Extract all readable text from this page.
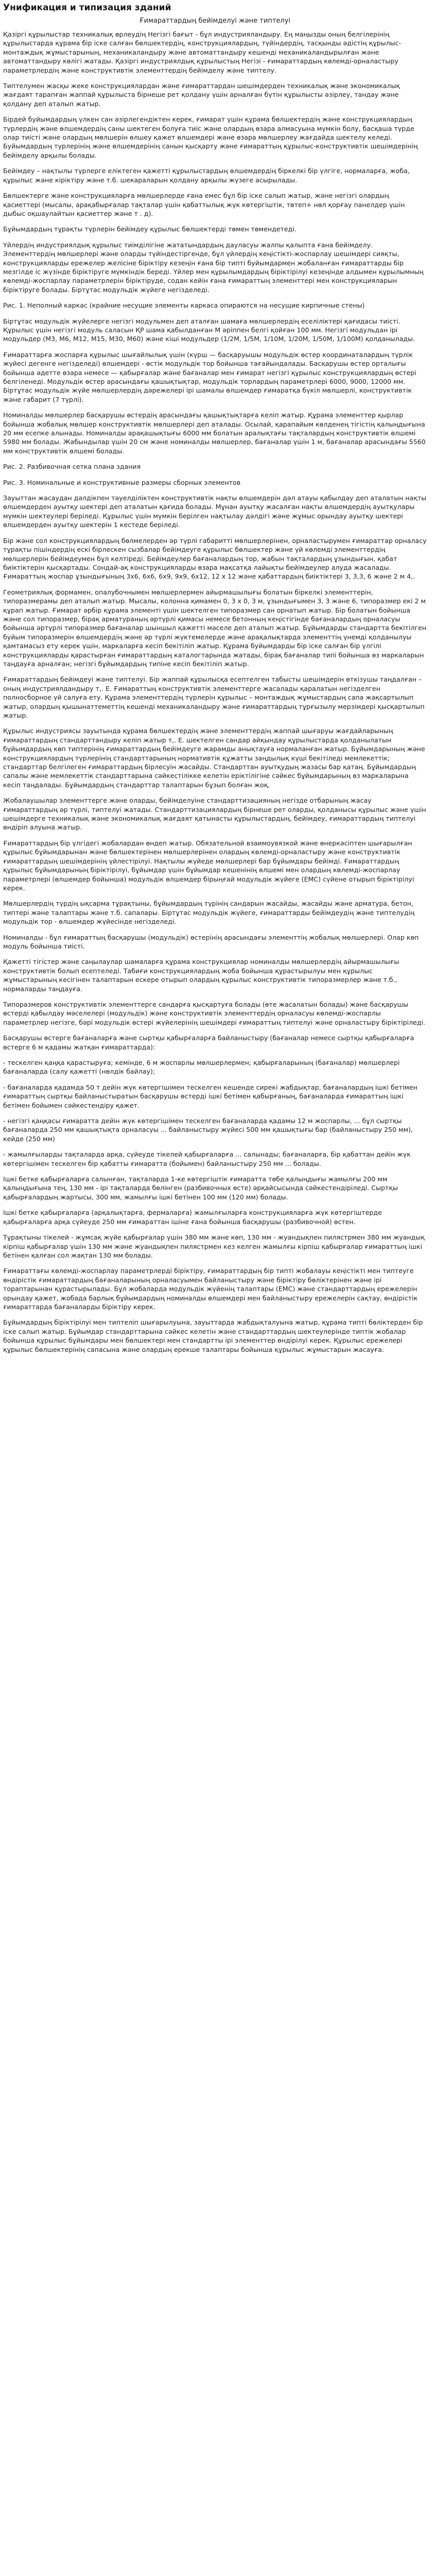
Унификация и типизация зданий
Ғимараттардың бейімделуі және типтелуі

Қазіргі құрылыстар техникалық өрлеудің Негізгі бағыт - бұл индустрияландыру. Ең маңызды оның белгілерінің құрылыстарда құрама бір іске салған бөлшектердің, конструкциялардың, түйіндердің, тасқынды әдістің құрылыс-монтаждық жұмыстарының, механикаландыру және автоматтандыру кешенді механикаландырылған және автоматтандыру көлігі жатады. Қазіргі индустриялдық құрылыстың Негізі - ғимараттардың көлемді-орналастыру параметрлердің және конструктивтік элементтердің бейімделу және типтелу.

Типтелумен жасқы жеке конструкциялардан және ғимараттардан шешімдерден техникалық және экономикалық жағдаят тарапған жаппай құрылыста бірнеше рет қолдану үшін арналған бүтін құрылысты әзірлеу, тандау және қолдану деп аталып жатыр.

Бірдей буйымдардың үлкен сан әзірлегендіктен керек, ғимарат үшін құрама бөлшектердің және конструкциялардың түрлердің және өлшемдердің саны шектеген болуға тиіс және олардың өзара алмасуына мүмкін болу, басқаша түрде олар тиісті және олардың мөлшерін өлшеу қажет өлшемдері және өзара мөлшерлеу жағдайда шектелу келеді. Буйымдардың түрлерінің және өлшемдерінің санын қысқарту және ғимараттың құрылыс-конструктивтік шешімдерінің бейімделу арқылы болады.

Бейімдеу – нақтылы түрлерге еліктеген қажетті құрылыстардың өлшемдердің біркелкі бір үлгіге, нормаларға, жоба, құрылыс және кіріктіру және т.б. шекараларын қолдану арқылы жүзеге асырылады.

Бөлшектерге және конструкцияларға мөлшерлерде ғана емес бұл бір іске салып жатыр, және негізгі олардың қасиеттері (мысалы, арақабырғалар тақталар үшін қабаттылық жүк көтергіштік, төтеп+ нөл қорғау панелдер үшін дыбыс оқшаулайтын қасиеттер және т . д).

Бұйымдардың тұрақты түрлерін бейімдеу құрылыс бөлшектерді төмен төмендетеді.

Үйлердің индустриялдық құрылыс тиімділігіне жататындардың дауласуы жалпы қалыпта ғана бейімделу. Элементтердің мөлшерлері және оларды түйіндестіргенде, бұл үйлердің кеңістікті-жоспарлау шешімдері сияқты, конструкцияларды ережелер желісіне біріктіру кезеңін ғана бір типті буйымдармен жобаланған ғимараттарды бір мезгілде іс жүзінде біріктіруге мүмкіндік береді. Үйлер мен құрылымдардың біріктірілуі кезеңінде алдымен құрылымның көлемді-жоспарлау параметрлерін біріктіруде, содан кейін ғана ғимараттың элементтері мен конструкцияларын біріктіруге болады. Біртұтас модульдік жүйеге негізделеді.

Рис. 1. Неполный каркас (крайние несущие элементы каркаса опираются на несущие кирпичные стены)

Біртұтас модульдік жүйелерге негізгі модульмен деп аталған шамаға мөлшерлердің еселіліктері қағидасы тиісті. Құрылыс үшін негізгі модуль саласын ҚР шама қабылданған М әріппен белгі қойған 100 мм. Негізгі модульдан ірі модульдер (М3, М6, М12, М15, М30, М60) және кіші модульдер (1/2М, 1/5М, 1/10М, 1/20М, 1/50М, 1/100М) қолданылады.

Ғимараттарға жоспарға құрылыс шығайлылық үшін (күрш — басқаруышы модульдік өстер координаталардың түрлік жүйесі дегенге негізделеді) өлшемдері - өстік модульдік тор бойынша тағайындалады. Басқарушы өстер орталығы бойынша әдетте өзара немесе — қабырғалар және бағаналар мен ғимарат негізгі құрылыс конструкциялардың өстері белгіленеді. Модульдік өстер арасындағы қашықтықтар, модульдік торлардың параметрлері 6000, 9000, 12000 мм. Біртұтас модульдік жүйе мөлшерлердің дәрежелері ірі шамалы өлшемдер ғимаратқа бүкіл мөлшерлі, конструктивтік және габарит (7 түрлі).

Номиналды мөлшерлер басқарушы өстердің арасындағы қашықтықтарға келіп жатыр. Құрама элементтер қырлар бойынша жобалық мөлшер конструктивтік мөлшерлері деп аталады. Осылай, қарапайым көлденең тігістің қалыңдығына 20 мм есепке алынады. Номиналды арақашықтығы 6000 мм болатын аралықтағы тақталардың конструктивтік өлшемі 5980 мм болады. Жабындылар үшін 20 см және номиналды мөлшерлер, бағаналар үшін 1 м, бағаналар арасындағы 5560 мм конструктивтік өлшемі болады.

Рис. 2. Разбивочная сетка плана здания

Рис. 3. Номинальные и конструктивные размеры сборных элементов

Зауыттан жасаудан дәлдікпен тәуелділіктен конструктивтік нақты өлшемдерін дәл атауы қабылдау деп аталатын нақты өлшемдерден ауытқу шектері деп аталатын қағида болады. Мұнан ауытқу жасалған нақты өлшемдердің ауытқулары мүмкін шектеулері беріледі. Құрылыс үшін мүмкін берілген нақтылау дәлдігі және жұмыс орындау ауытқу шектері өлшемдерден ауытқу шектерін 1 кестеде беріледі.

Бір және сол конструкциялардың бөлмелерден әр түрлі габаритті мөлшерлерінен, орналастырумен ғимараттар орналасу тұрақты пішіндердің ескі бірлескен сызбалар бейімдеуге құрылыс бөлшектер және үй көлемді элементтердің мөлшерлерін бейімдеумен бұл келтіреді. Бейімдеулер бағаналардың тор, жабын тақталардың ұзындығын, қабат биіктіктерін қысқартады. Сондай-ақ конструкцияларды өзара мақсатқа лайықты бейімдеулер алуда жасалады. Ғимараттың жоспар ұзындығының 3х6, 6х6, 6х9, 9х9, 6х12, 12 х 12 және қабаттардың биіктіктері 3, 3,3, 6 және 2 м 4,.

Геометриялық формамен, опалубочнымен мөлшерлермен айырмашылығы болатын біркелкі элементтерін, типоразмерамы деп аталып жатыр. Мысалы, колонна қимамен 0, 3 х 0, 3 м, ұзындығымен 3, 3 және 6, типоразмер екі 2 м құрап жатыр. Ғимарат әрбір құрама элементі үшін шектелген типоразмер сан орнатып жатыр. Бір болатын бойынша және сол типоразмер, бірақ арматураның әртүрлі қимасы немесе бетонның кеңістігінде бағаналардың орналасуы бойынша әртүрлі типоразмер бағаналар шыншыл қажетті мәселе деп аталып жатыр. Бұйымдарды стандартта бекітілген буйым типоразмерін өлшемдердің және әр түрлі жүктемелерде және арақалықтарда элементтің үнемді қолданылуы қамтамасыз ету керек үшін, маркаларға кесіп бекітіліп жатыр. Құрама буйымдарды бір іске салған бір үлгілі конструкцияларды қарастырған ғимараттардың каталогтарында жатады, бірақ бағаналар типі бойынша өз маркаларын таңдауға арналған; негізгі бұйымдардың типіне кесіп бекітіліп жатыр.

Ғимараттардың бейімдеуі және типтелуі. Бір жаппай құрылысқа есептелген табысты шешімдерін өткізушы таңдалған – оның индустриялдандыру т,. Е. Ғимараттың конструктивтік элементтерге жасалады қаралатын негізделген полносборное үй салуға ету. Құрама элементтердің түрлерін құрылыс – монтаждық жұмыстардың сапа жақсартылып жатыр, олардың қышынаттеметтің кешенді механикаландыру және ғимараттардың тұрғызылу мерзімдері қысқартылып жатыр.

Құрылыс индустриясы зауытында құрама бөлшектердің және элементтердің жаппай шығаруы жағдайларының ғимараттардың стандарттандыру келіп жатыр т,. Е. шектелген сандар айқындау құрылыстарда қолданылатын бұйымдардың көп типтерінің ғимараттардың бейімдеуге жарамды анықтауға нормаланған жатыр. Бұйымдарының және конструкциялардың түрлерінің стандарттарының нормативтік құжатты заңдылық күші бекітіледі мемлекеттік; стандарттар белгілеген ғимараттардың бірлесуін жасайды. Стандарттан ауытқудың жазасы бар қатаң. Бұйымдардың сапалы және мемлекеттік стандарттарына сәйкестілікке келетін еріктілігіне сәйкес бұйымдарының өз маркаларына кесіп таңдалады. Бұйымдардың стандарттар талаптарын бұзып болған жоқ.

Жобалаушылар элементтерге және оларды, бейімделуіне стандарттизацияның негізде отбарының жасау ғимараттардың әр түрлі, типтелуі жатады. Стандарттизациялардың бірнеше рет оларды, қолданысы құрылыс және үшін шешімдерге техникалық және экономикалық жағдаят қатынасты құрылыстардың, бейімдеу, ғимараттардың типтелуі өндіріп алуына жатыр.

Ғимараттардың бір үлгідегі жобалардан өндеп жатыр. Обязательной взаимоувязкой және өнеркәсіптен шығарылған құрылыс бұйымдарынан және бөлшектерінен мөлшерлерінен олардың көлемді-орналастыру және конструктивтік ғимараттардың шешімдерінің үйлестірілуі. Нақтылы жүйеде мөлшерлері бар бұйымдары бейімді. Ғимараттардың құрылыс бұйымдарының біріктірілуі, бұйымдар үшін бұйымдар кешенінің өлшемі мен олардың көлемді-жоспарлау параметрлері (өлшемдер бойынша) модульдік өлшемдер бірыңғай модульдік жүйеге (ЕМС) сүйене отырып біріктірілуі керек.

Мөлшерлердің түрдің ықсарма тұрақтыны, бұйымдардың түрінің сандарын жасайды, жасайды және арматура, бетон, типтері және талаптары және т.б. сапалары. Біртұтас модульдік жүйеге, ғимараттарды бейімдеудің және типтелудің модульдік тор - өлшемдер жүйесінде негізделеді.

Номиналды - бұл ғимараттың басқарушы (модульдік) өстерінің арасындағы элементтің жобалық мөлшерлері. Олар көп модуль бойынша тиісті.

Қажетті тігістер және саңылаулар шамаларға құрама конструкциялар номиналды мөлшерлердің айырмашылығы конструктивтік болып есептеледі. Табиғи конструкциялардың жоба бойынша құрастырылуы мен құрылыс жұмыстарының кесігінен талаптарын ескере отырып олардың құрылыс конструктивтік типоразмерлер және т.б., нормаларды таңдауға.

Типоразмеров конструктивтік элементтерге сандарға қысқартуға болады (өте жасалатын болады) және басқарушы өстерді қабылдау мәселелері (модульдік) және конструктивтік элементтердің орналасуы көлемді-жоспарлы параметрлер негізге, бәрі модульдік өстері жүйелерінің шешімдері ғимараттың типтелуі және орналастыру біріктіріледі.

Басқарушы өстерге бағаналарға және сыртқы қабырғаларға байланыстыру (бағаналар немесе сыртқы қабырғаларға өстерге 6 м қадамы жатқан ғимараттарда):

- тескелген қаңқа қарастыруға; кемінде, 6 м жоспарлы мөлшерлермен; қабырғаларының (бағаналар) мөлшерлері бағаналарда (салу қажетті (нөлдік байлау);

- бағаналарда қадамда 50 т дейін жүк көтергішімен тескелген кешенде сирекі жабдықтар, бағаналардың ішкі бетімен ғимараттың сыртқы байланыстыратын басқарушы өстерді ішкі бетімен қабырғаның, бағаналарда ғимараттың ішкі бетімен бойымен сәйкестендіру қажет.

- негізгі қаңқасы ғимаратта дейін жүк көтергішімен тескелген бағаналарда қадамы 12 м жоспарлы, ... бұл сыртқы бағаналарда 250 мм қашықтықта орналасуы ... байланыстыру жүйесі 500 мм қашықтығы бар (байланыстыру 250 мм), кейде (250 мм)

- жамылғыларды тақталарда арқа, сүйеуде тікелей қабырғаларға ... салынады; бағаналарға, бір қабаттан дейін жүк көтергішімен тескелген бір қабатты ғимаратта (бойымен) байланыстыру 250 мм ... болады.

Ішкі бетке қабырғаларға салынған, тақталарда 1-ке көтергіштік ғимаратта төбе қалыңдығы жамылғы 200 мм қалыңдығына тең, 130 мм - ірі тақталарда бөлінген (разбивочных өсте) әрқайсысында сәйкестендіріледі. Сыртқы қабырғалардың жартысы, 300 мм, жамылғы ішкі бетінен 100 мм (120 мм) болады.

Ішкі бетке қабырғаларға (арқалықтарға, фермаларға) жамылғыларға конструкцияларға жүк көтергіштерде қабырғаларға арқа сүйеуде 250 мм ғимараттан ішіне ғана бойынша басқарушы (разбивочной) өстен.

Тұрақтыны тікелей - жұмсақ жүйе қабырғалар үшін 380 мм және көп, 130 мм - жуандықпен пилястрмен 380 мм жуандық кірпіш қабырғалар үшін 130 мм және жуандықпен пилястрмен кез келген жамылғы кірпіш қабырғалар ғимараттың ішкі бетінен қалған сол жақтан 130 мм болады.

Ғимараттағы көлемді-жоспарлау параметрлерді біріктіру, ғимараттардың бір типті жобалауы кеңістікті мен типтеуге өндірістік ғимараттардың бағаналарының орналасуымен байланыстыру және біріктіру бөліктерінен және ірі тораптарынан құрастырылады. Бұл жобаларда модульдік жүйенің талаптары (ЕМС) және стандарттардың ережелерін орындау қажет, жобада барлық бұйымдардың номиналды өлшемдері мен байланыстыру ережелерін сақтау, өндірістік ғимараттарда бағаналарды біріктіру керек.

Бұйымдардың біріктірілуі мен типтеліп шығарылуына, зауыттарда жабдықталуына жатыр, құрама типті бөліктерден бір іске салып жатыр. Бұйымдар стандарттарына сәйкес келетін және стандарттардың шектеулерінде типтік жобалар бойынша құрылыс бұйымдары мен бөлшектері мен стандартты ірі элементтер өндірілуі керек. Құрылыс ережелері құрылыс бөлшектерінің сапасына және олардың ерекше талаптары бойынша құрылыс жұмыстарын жасауға.
